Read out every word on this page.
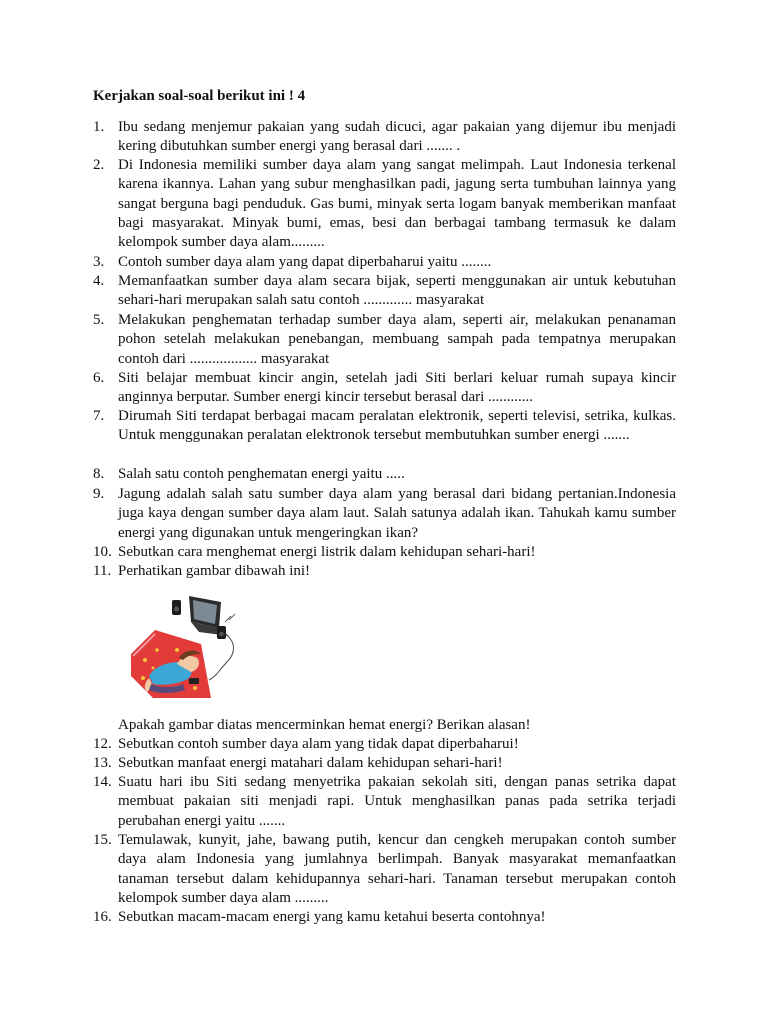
Kerjakan soal-soal berikut ini ! 4
1. Ibu sedang menjemur pakaian yang sudah dicuci, agar pakaian yang dijemur ibu menjadi kering dibutuhkan sumber energi yang berasal dari ....... .
2. Di Indonesia memiliki sumber daya alam yang sangat melimpah. Laut Indonesia terkenal karena ikannya. Lahan yang subur menghasilkan padi, jagung serta tumbuhan lainnya yang sangat berguna bagi penduduk. Gas bumi, minyak serta logam banyak memberikan manfaat bagi masyarakat. Minyak bumi, emas, besi dan berbagai tambang termasuk ke dalam kelompok sumber daya alam.........
3. Contoh sumber daya alam yang dapat diperbaharui yaitu ........
4. Memanfaatkan sumber daya alam secara bijak, seperti menggunakan air untuk kebutuhan sehari-hari merupakan salah satu contoh ............. masyarakat
5. Melakukan penghematan terhadap sumber daya alam, seperti air, melakukan penanaman pohon setelah melakukan penebangan, membuang sampah pada tempatnya merupakan contoh dari .................. masyarakat
6. Siti belajar membuat kincir angin, setelah jadi Siti berlari keluar rumah supaya kincir anginnya berputar. Sumber energi kincir tersebut berasal dari ............
7. Dirumah Siti terdapat berbagai macam peralatan elektronik, seperti televisi, setrika, kulkas. Untuk menggunakan peralatan elektronok tersebut membutuhkan sumber energi .......
8. Salah satu contoh penghematan energi yaitu .....
9. Jagung adalah salah satu sumber daya alam yang berasal dari bidang pertanian.Indonesia juga kaya dengan sumber daya alam laut. Salah satunya adalah ikan. Tahukah kamu sumber energi yang digunakan untuk mengeringkan ikan?
10. Sebutkan cara menghemat energi listrik dalam kehidupan sehari-hari!
11. Perhatikan gambar dibawah ini!
Apakah gambar diatas mencerminkan hemat energi? Berikan alasan!
12. Sebutkan contoh sumber daya alam yang tidak dapat diperbaharui!
13. Sebutkan manfaat energi matahari dalam kehidupan sehari-hari!
14. Suatu hari ibu Siti sedang menyetrika pakaian sekolah siti, dengan panas setrika dapat membuat pakaian siti menjadi rapi. Untuk menghasilkan panas pada setrika terjadi perubahan energi yaitu .......
15. Temulawak, kunyit, jahe, bawang putih, kencur dan cengkeh merupakan contoh sumber daya alam Indonesia yang jumlahnya berlimpah. Banyak masyarakat memanfaatkan tanaman tersebut dalam kehidupannya sehari-hari. Tanaman tersebut merupakan contoh kelompok sumber daya alam .........
16. Sebutkan macam-macam energi yang kamu ketahui beserta contohnya!
